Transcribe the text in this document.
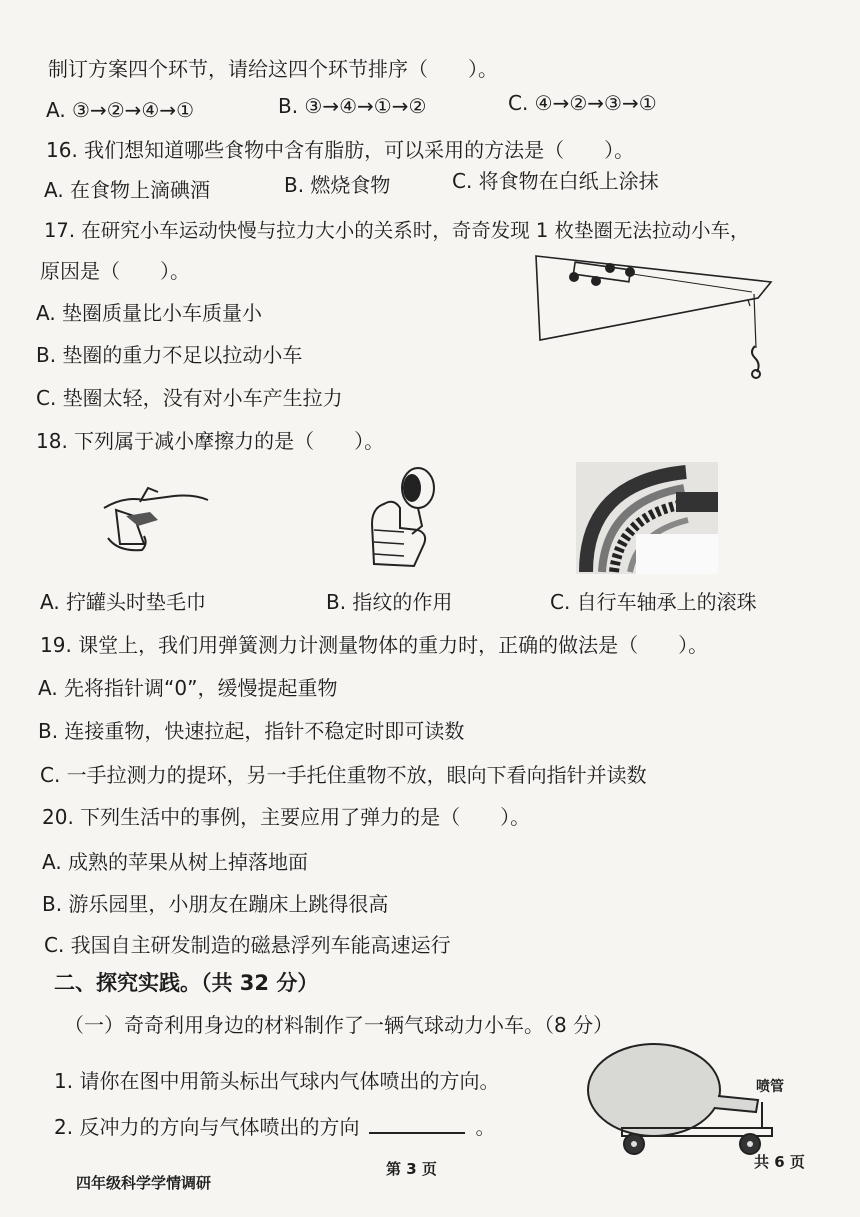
制订方案四个环节，请给这四个环节排序（　　）。
A. ③→②→④→①	B. ③→④→①→②	C. ④→②→③→①
16. 我们想知道哪些食物中含有脂肪，可以采用的方法是（　　）。
A. 在食物上滴碘酒	B. 燃烧食物	C. 将食物在白纸上涂抹
17. 在研究小车运动快慢与拉力大小的关系时，奇奇发现 1 枚垫圈无法拉动小车，
原因是（　　）。
A. 垫圈质量比小车质量小
B. 垫圈的重力不足以拉动小车
C. 垫圈太轻，没有对小车产生拉力
18. 下列属于减小摩擦力的是（　　）。
A. 拧罐头时垫毛巾	B. 指纹的作用	C. 自行车轴承上的滚珠
19. 课堂上，我们用弹簧测力计测量物体的重力时，正确的做法是（　　）。
A. 先将指针调“0”，缓慢提起重物
B. 连接重物，快速拉起，指针不稳定时即可读数
C. 一手拉测力的提环，另一手托住重物不放，眼向下看向指针并读数
20. 下列生活中的事例，主要应用了弹力的是（　　）。
A. 成熟的苹果从树上掉落地面
B. 游乐园里，小朋友在蹦床上跳得很高
C. 我国自主研发制造的磁悬浮列车能高速运行
二、探究实践。（共 32 分）
（一）奇奇利用身边的材料制作了一辆气球动力小车。（8 分）
1. 请你在图中用箭头标出气球内气体喷出的方向。
2. 反冲力的方向与气体喷出的方向	。
喷管
四年级科学学情调研
第 3 页	共 6 页
